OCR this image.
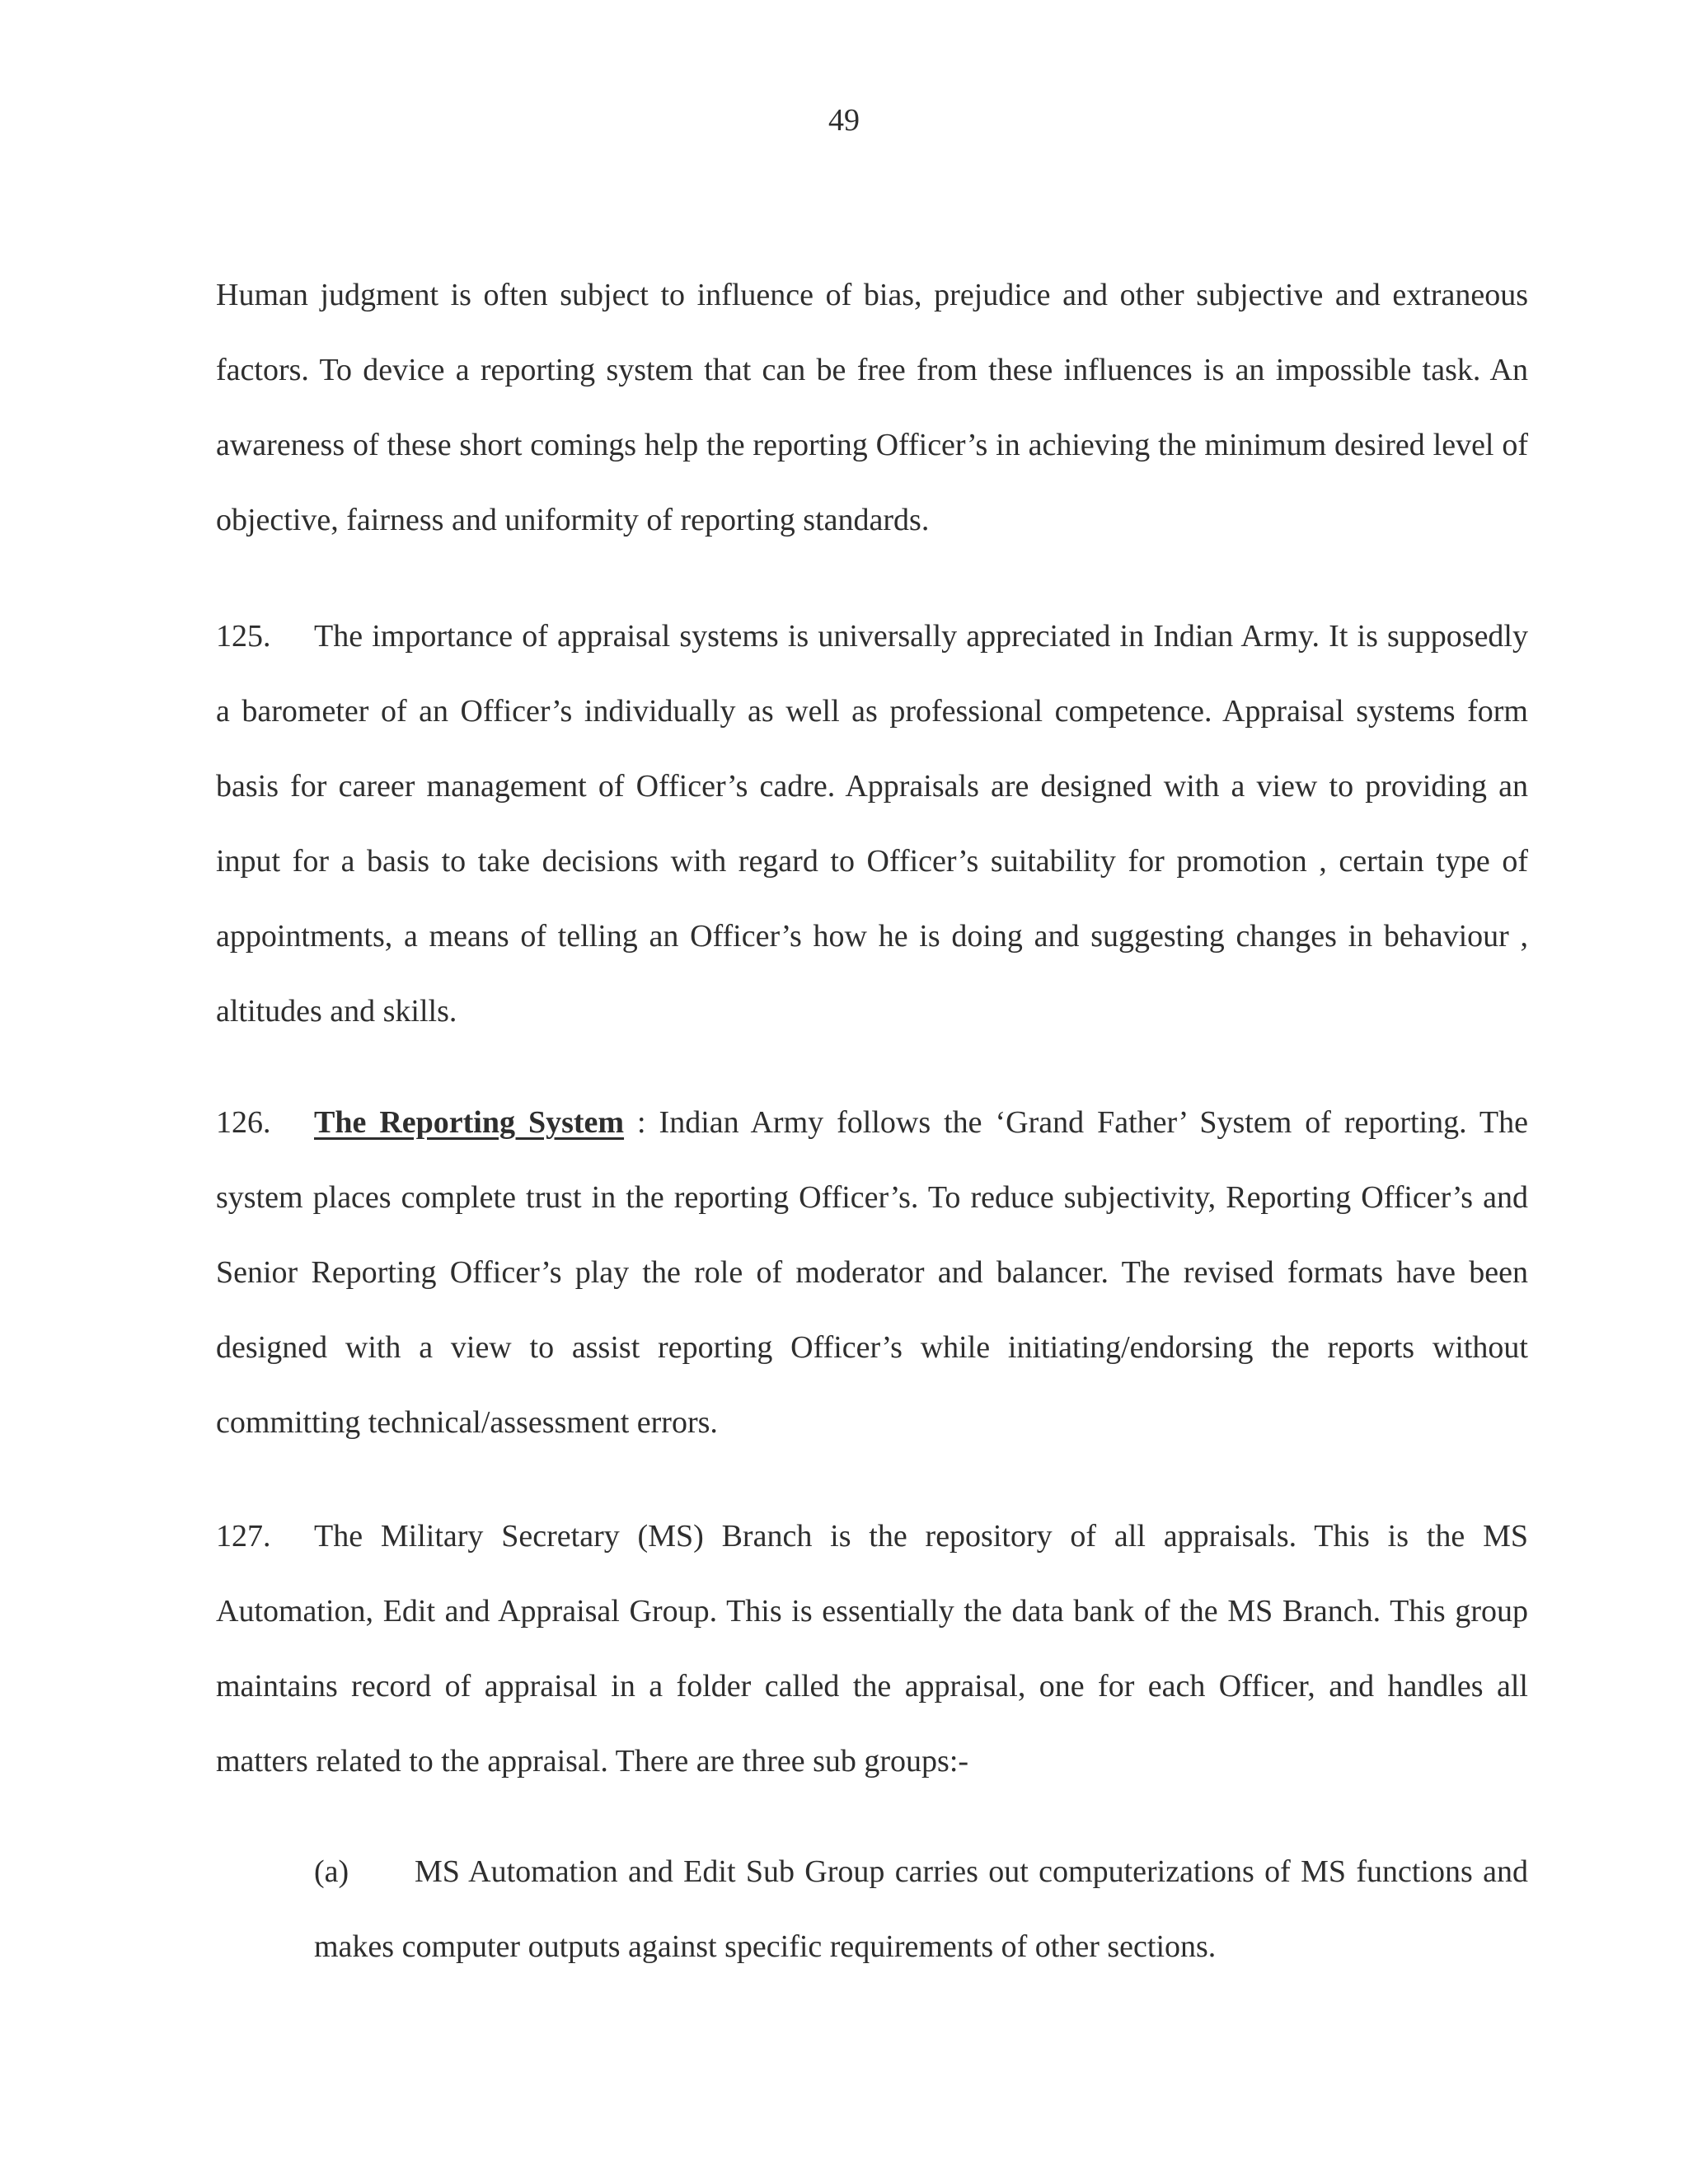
49
Human judgment is often subject to influence of bias, prejudice and other subjective and extraneous factors. To device a reporting system that can be free from these influences is an impossible task. An awareness of these short comings help the reporting Officer’s in achieving the minimum desired level of objective, fairness and uniformity of reporting standards.
125. The importance of appraisal systems is universally appreciated in Indian Army. It is supposedly a barometer of an Officer’s individually as well as professional competence. Appraisal systems form basis for career management of Officer’s cadre. Appraisals are designed with a view to providing an input for a basis to take decisions with regard to Officer’s suitability for promotion , certain type of appointments, a means of telling an Officer’s how he is doing and suggesting changes in behaviour , altitudes and skills.
126. The Reporting System : Indian Army follows the ‘Grand Father’ System of reporting. The system places complete trust in the reporting Officer’s. To reduce subjectivity, Reporting Officer’s and Senior Reporting Officer’s play the role of moderator and balancer. The revised formats have been designed with a view to assist reporting Officer’s while initiating/endorsing the reports without committing technical/assessment errors.
127. The Military Secretary (MS) Branch is the repository of all appraisals. This is the MS Automation, Edit and Appraisal Group. This is essentially the data bank of the MS Branch. This group maintains record of appraisal in a folder called the appraisal, one for each Officer, and handles all matters related to the appraisal. There are three sub groups:-
(a) MS Automation and Edit Sub Group carries out computerizations of MS functions and makes computer outputs against specific requirements of other sections.
